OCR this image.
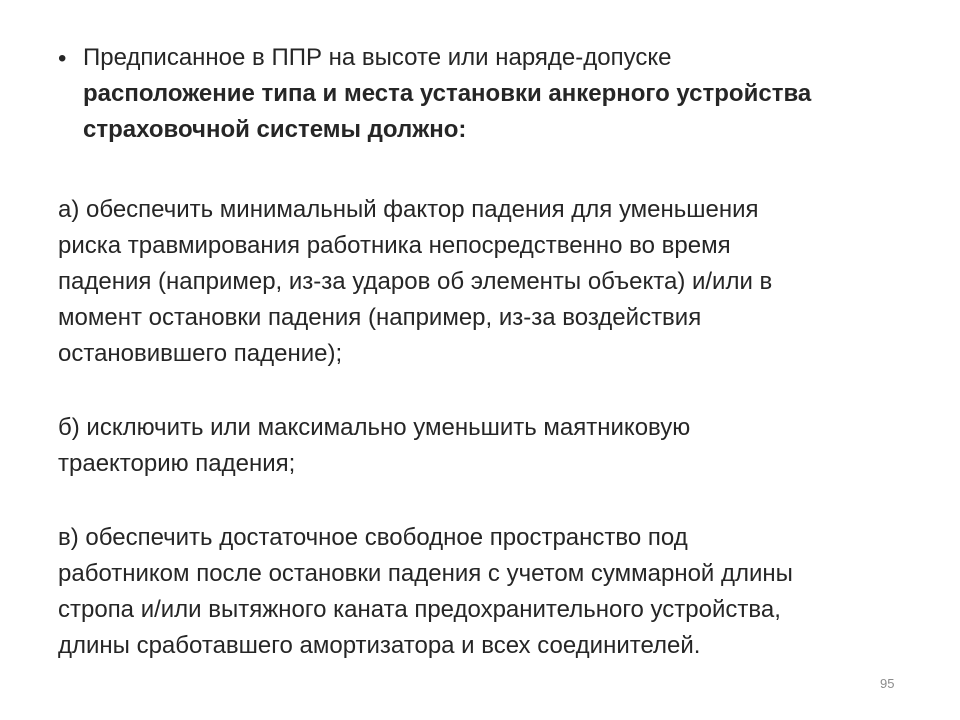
• Предписанное в ППР на высоте или наряде-допуске
расположение типа и места установки анкерного устройства
страховочной системы должно:
а) обеспечить минимальный фактор падения для уменьшения
риска травмирования работника непосредственно во время
падения (например, из-за ударов об элементы объекта) и/или в
момент остановки падения (например, из-за воздействия
остановившего падение);
б) исключить или максимально уменьшить маятниковую
траекторию падения;
в) обеспечить достаточное свободное пространство под
работником после остановки падения с учетом суммарной длины
стропа и/или вытяжного каната предохранительного устройства,
длины сработавшего амортизатора и всех соединителей.
95
